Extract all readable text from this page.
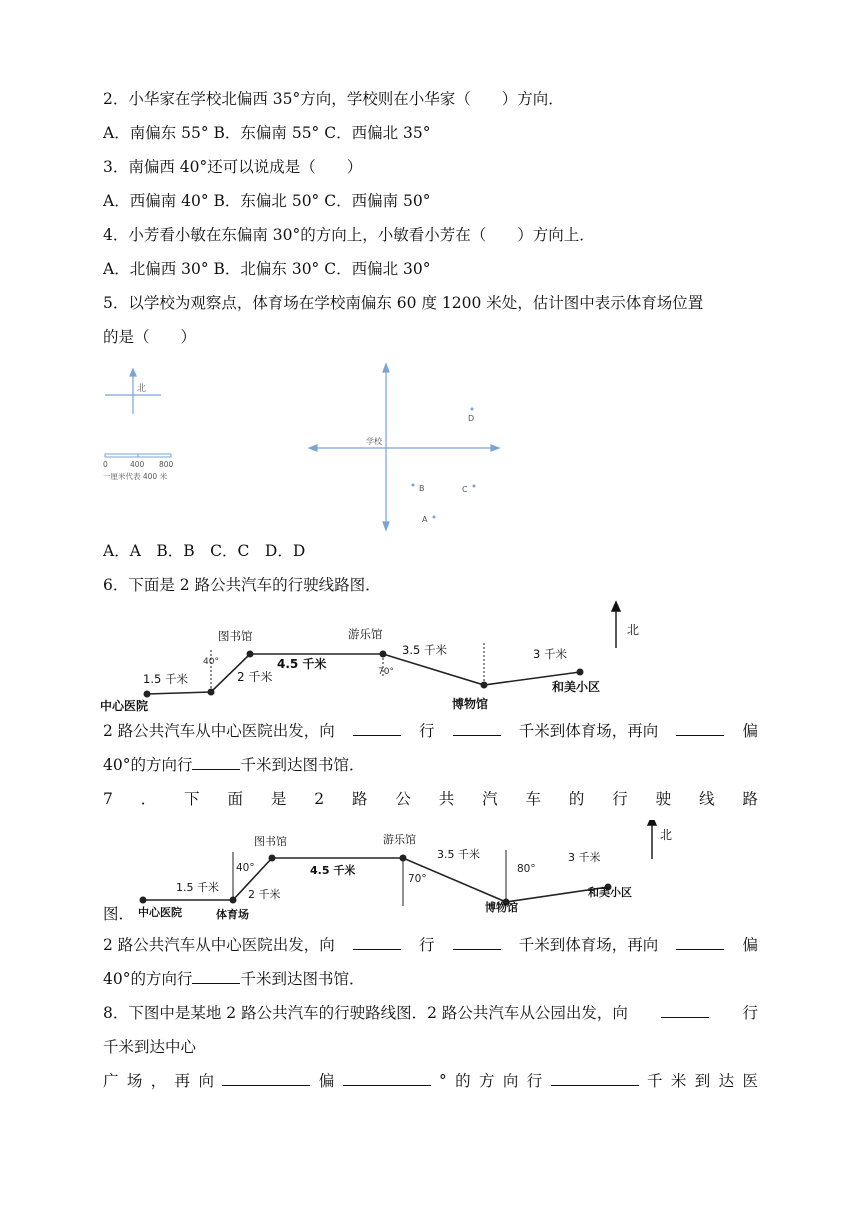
2．小华家在学校北偏西 35°方向，学校则在小华家（　　）方向．
A．南偏东 55° B．东偏南 55° C．西偏北 35°
3．南偏西 40°还可以说成是（　　）
A．西偏南 40° B．东偏北 50° C．西偏南 50°
4．小芳看小敏在东偏南 30°的方向上，小敏看小芳在（　　）方向上．
A．北偏西 30° B．北偏东 30° C．西偏北 30°
5．以学校为观察点，体育场在学校南偏东 60 度 1200 米处，估计图中表示体育场位置
的是（　　）
北
0	400 800
一厘米代表 400 米
学校
D
B	C
A
A．A　B．B　C．C　D．D
6．下面是 2 路公共汽车的行驶线路图．
中心医院
图书馆	游乐馆
博物馆
和美小区
1.5 千米	2 千米
4.5 千米
3.5 千米	3 千米
40°
70°
北
2 路公共汽车从中心医院出发，向	行	千米到体育场，再向	偏
40°的方向行	千米到达图书馆．
7 ． 下 面 是 2 路 公 共 汽 车 的 行 驶 线 路
中心医院	体育场
图书馆	游乐馆
博物馆
和美小区
1.5 千米
2 千米
4.5 千米
3.5 千米	3 千米
40°
70°
80°
北
图．
2 路公共汽车从中心医院出发，向	行	千米到体育场，再向	偏
40°的方向行	千米到达图书馆．
8．下图中是某地 2 路公共汽车的行驶路线图．2 路公共汽车从公园出发，向	行
千米到达中心
广 场 ， 再 向	偏	° 的 方 向 行	千 米 到 达 医
